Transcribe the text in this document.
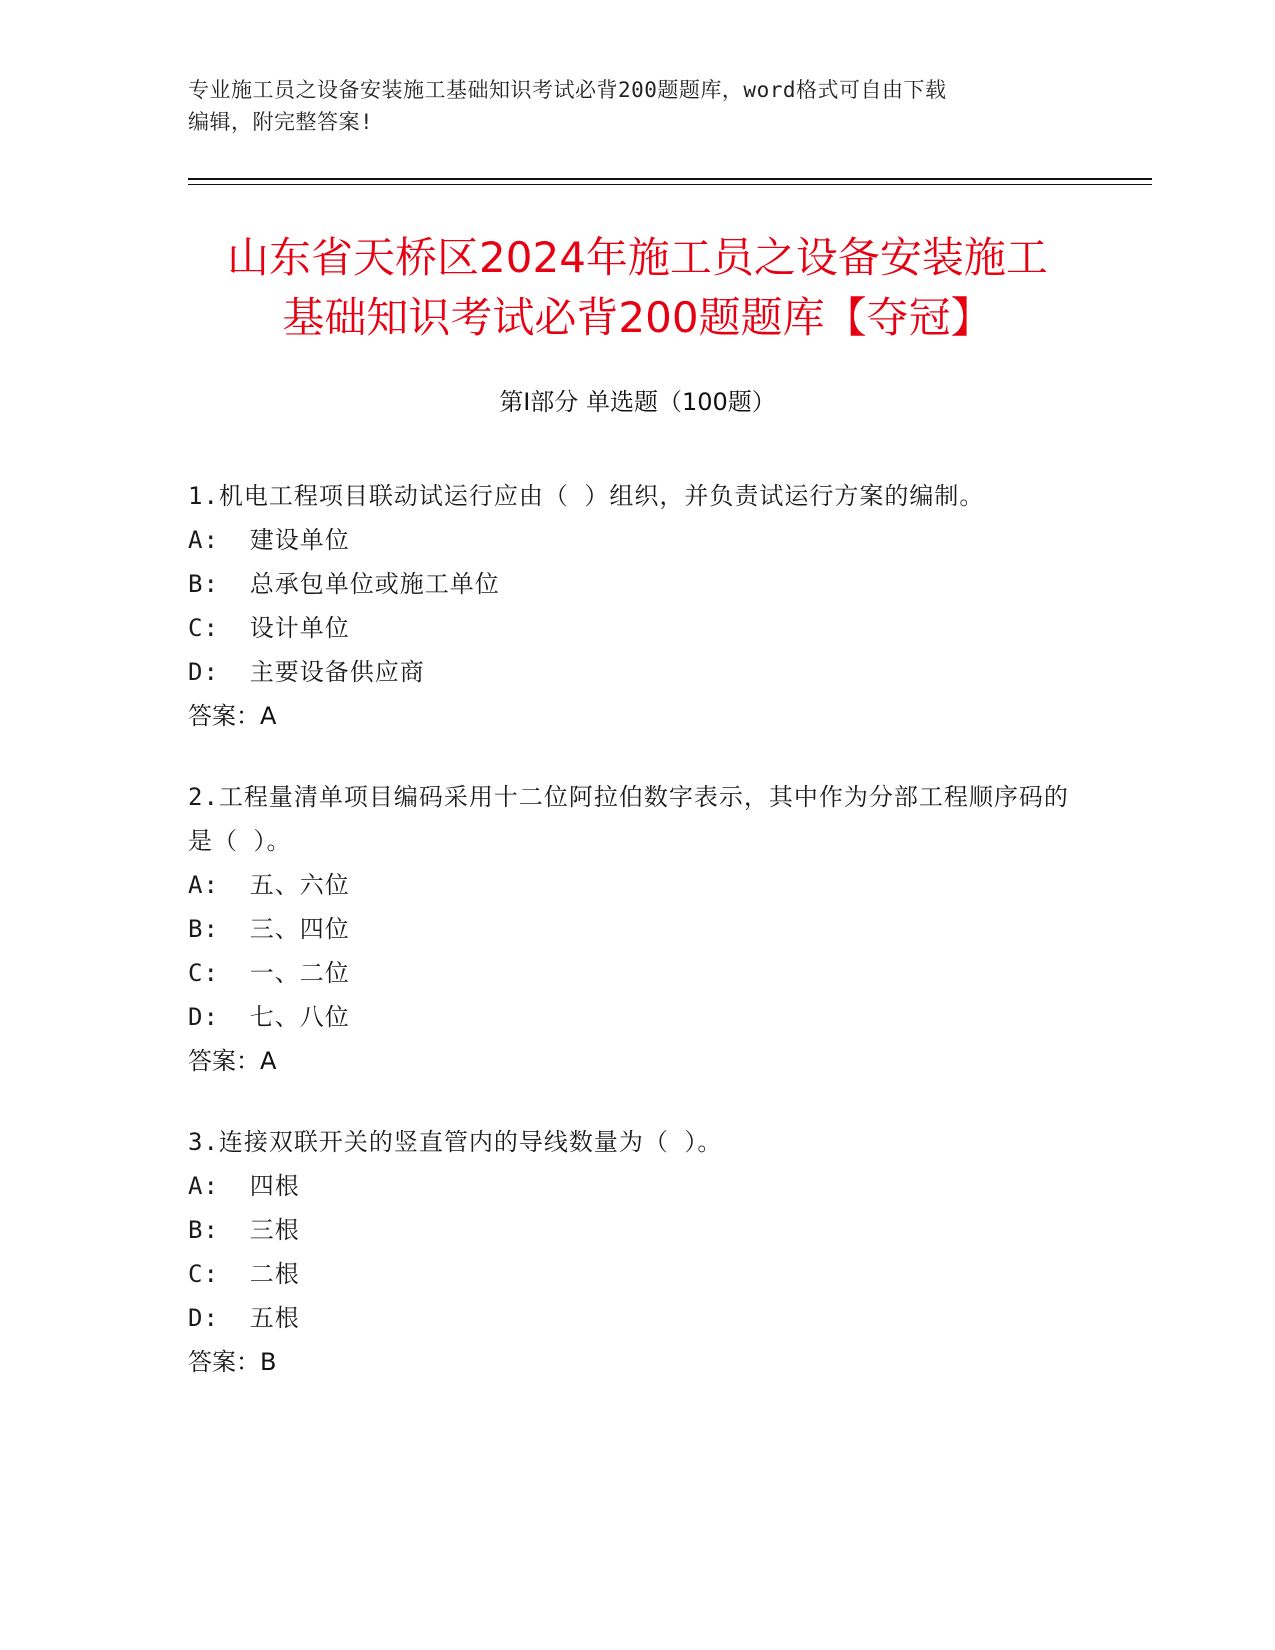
专业施工员之设备安装施工基础知识考试必背200题题库，word格式可自由下载
编辑，附完整答案!
山东省天桥区2024年施工员之设备安装施工
基础知识考试必背200题题库【夺冠】
第Ⅰ部分 单选题（100题）
1.机电工程项目联动试运行应由（ ）组织，并负责试运行方案的编制。
A:  建设单位
B:  总承包单位或施工单位
C:  设计单位
D:  主要设备供应商
答案：A
2.工程量清单项目编码采用十二位阿拉伯数字表示，其中作为分部工程顺序码的是（ ）。
A:  五、六位
B:  三、四位
C:  一、二位
D:  七、八位
答案：A
3.连接双联开关的竖直管内的导线数量为（ ）。
A:  四根
B:  三根
C:  二根
D:  五根
答案：B
